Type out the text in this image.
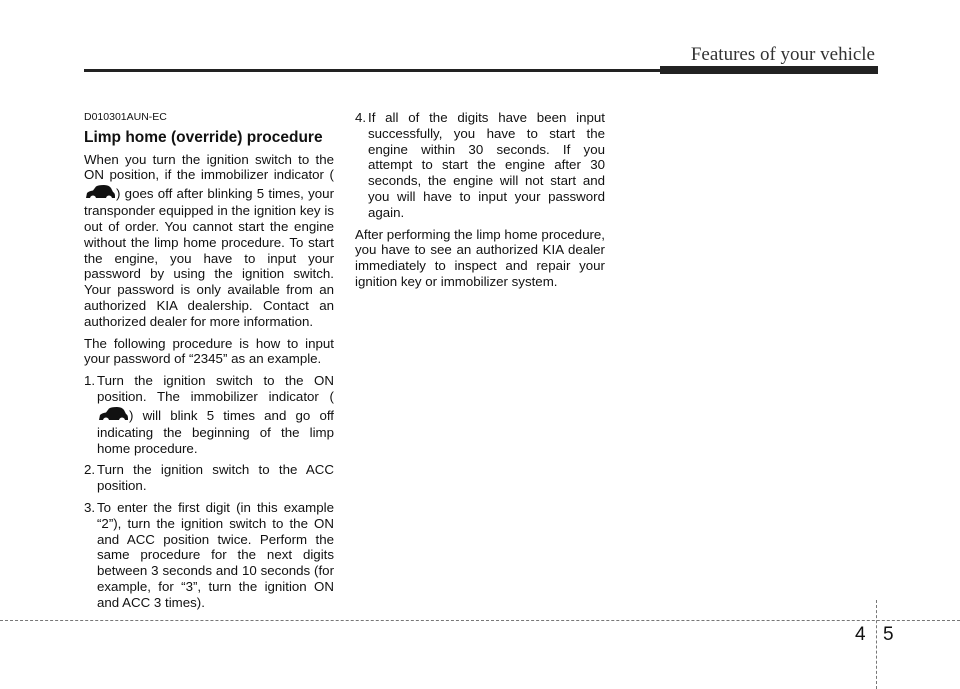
Features of your vehicle
D010301AUN-EC
Limp home (override) procedure

When you turn the ignition switch to the ON position, if the immobilizer indicator () goes off after blinking 5 times, your transponder equipped in the ignition key is out of order. You cannot start the engine without the limp home procedure. To start the engine, you have to input your password by using the ignition switch. Your password is only available from an authorized KIA dealership. Contact an authorized dealer for more information.

The following procedure is how to input your password of “2345” as an example.

1. Turn the ignition switch to the ON position. The immobilizer indicator () will blink 5 times and go off indicating the beginning of the limp home procedure.
2. Turn the ignition switch to the ACC position.
3. To enter the first digit (in this example “2”), turn the ignition switch to the ON and ACC position twice. Perform the same procedure for the next digits between 3 seconds and 10 seconds (for example, for “3”, turn the ignition ON and ACC 3 times).
4. If all of the digits have been input successfully, you have to start the engine within 30 seconds. If you attempt to start the engine after 30 seconds, the engine will not start and you will have to input your password again.

After performing the limp home procedure, you have to see an authorized KIA dealer immediately to inspect and repair your ignition key or immobilizer system.

4 5
